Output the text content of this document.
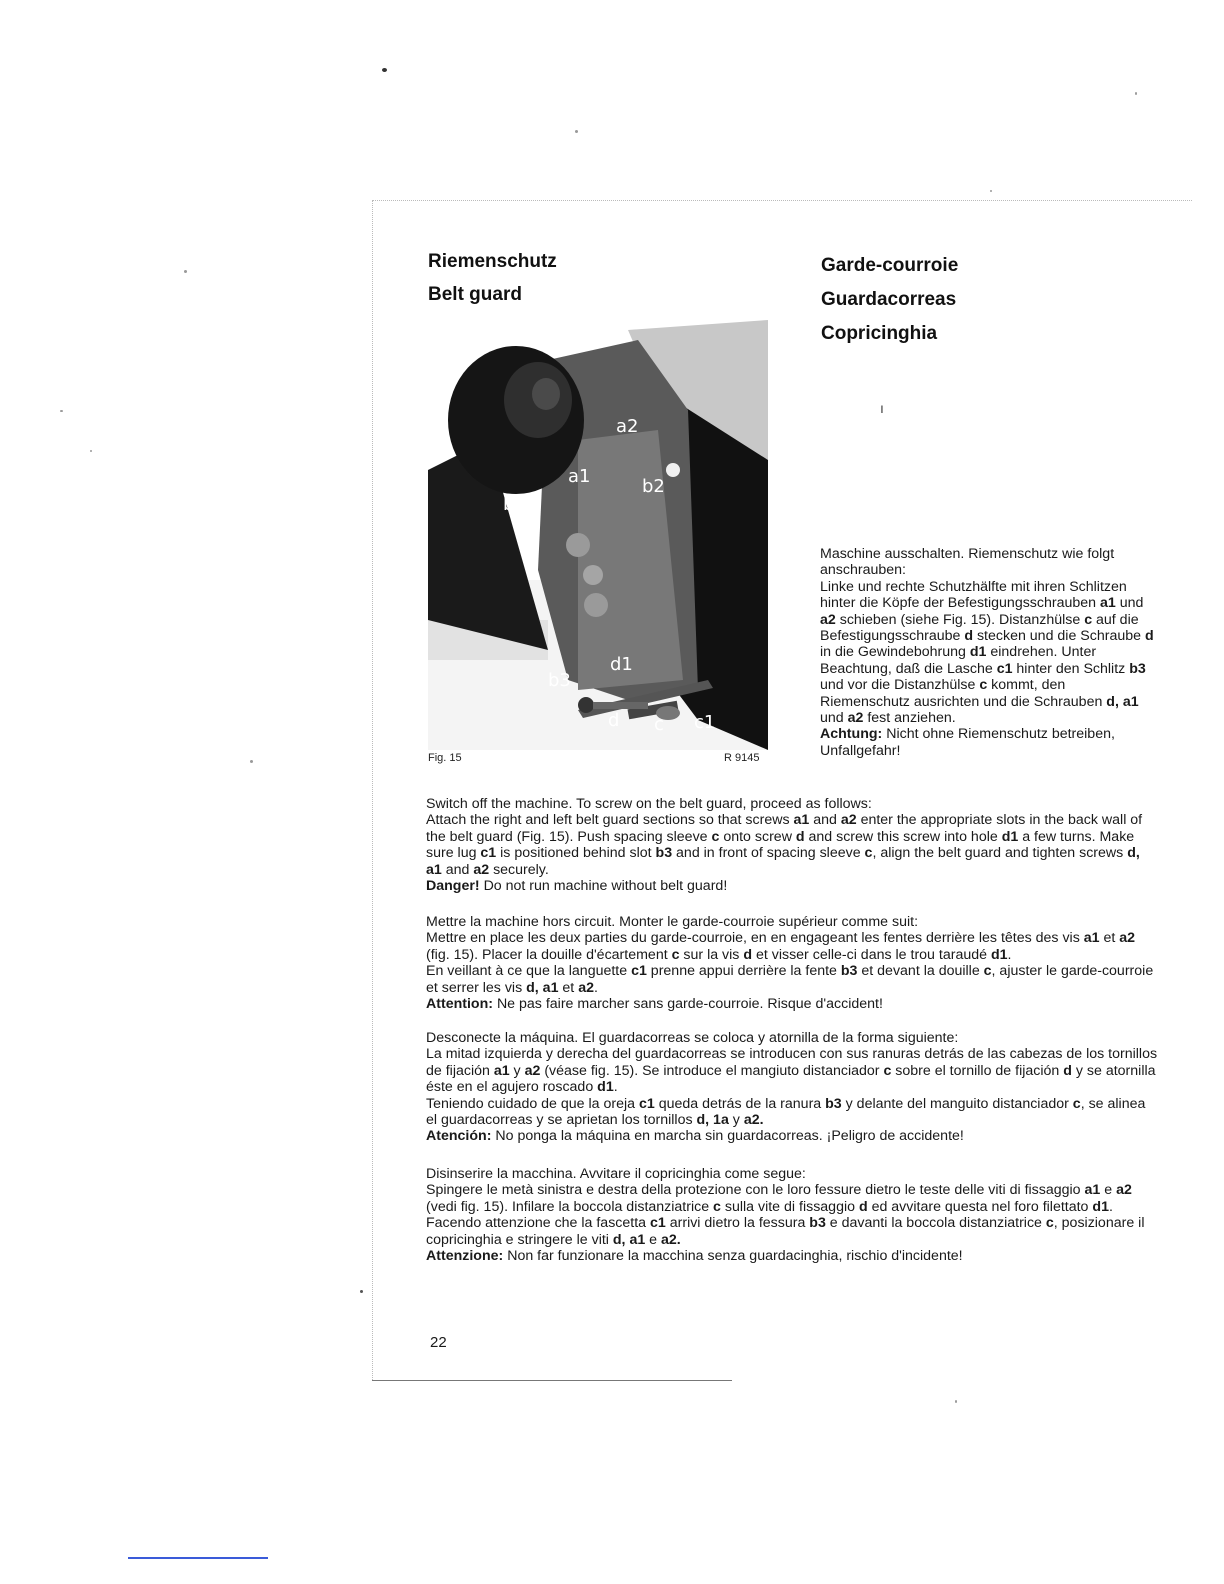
Riemenschutz
Belt guard
Garde-courroie
Guardacorreas
Copricinghia
ı
a2
a1
b1
b2
d1
b3
d c c1
Fig. 15	R 9145

Maschine ausschalten. Riemenschutz wie folgt anschrauben:

Linke und rechte Schutzhälfte mit ihren Schlitzen hinter die Köpfe der Befestigungsschrauben a1 und a2 schieben (siehe Fig. 15). Distanzhülse c auf die Befestigungsschraube d stecken und die Schraube d in die Gewindebohrung d1 eindrehen. Unter Beachtung, daß die Lasche c1 hinter den Schlitz b3 und vor die Distanzhülse c kommt, den Riemenschutz ausrichten und die Schrauben d, a1 und a2 fest anziehen.

Achtung: Nicht ohne Riemenschutz betreiben, Unfallgefahr!

Switch off the machine. To screw on the belt guard, proceed as follows:

Attach the right and left belt guard sections so that screws a1 and a2 enter the appropriate slots in the back wall of the belt guard (Fig. 15). Push spacing sleeve c onto screw d and screw this screw into hole d1 a few turns. Make sure lug c1 is positioned behind slot b3 and in front of spacing sleeve c, align the belt guard and tighten screws d, a1 and a2 securely.

Danger! Do not run machine without belt guard!

Mettre la machine hors circuit. Monter le garde-courroie supérieur comme suit:

Mettre en place les deux parties du garde-courroie, en en engageant les fentes derrière les têtes des vis a1 et a2 (fig. 15). Placer la douille d'écartement c sur la vis d et visser celle-ci dans le trou taraudé d1.

En veillant à ce que la languette c1 prenne appui derrière la fente b3 et devant la douille c, ajuster le garde-courroie et serrer les vis d, a1 et a2.

Attention: Ne pas faire marcher sans garde-courroie. Risque d'accident!

Desconecte la máquina. El guardacorreas se coloca y atornilla de la forma siguiente:

La mitad izquierda y derecha del guardacorreas se introducen con sus ranuras detrás de las cabezas de los tornillos de fijación a1 y a2 (véase fig. 15). Se introduce el mangiuto distanciador c sobre el tornillo de fijación d y se atornilla éste en el agujero roscado d1.

Teniendo cuidado de que la oreja c1 queda detrás de la ranura b3 y delante del manguito distanciador c, se alinea el guardacorreas y se aprietan los tornillos d, 1a y a2.

Atención: No ponga la máquina en marcha sin guardacorreas. ¡Peligro de accidente!

Disinserire la macchina. Avvitare il copricinghia come segue:

Spingere le metà sinistra e destra della protezione con le loro fessure dietro le teste delle viti di fissaggio a1 e a2 (vedi fig. 15). Infilare la boccola distanziatrice c sulla vite di fissaggio d ed avvitare questa nel foro filettato d1.

Facendo attenzione che la fascetta c1 arrivi dietro la fessura b3 e davanti la boccola distanziatrice c, posizionare il copricinghia e stringere le viti d, a1 e a2.

Attenzione: Non far funzionare la macchina senza guardacinghia, rischio d'incidente!

22
